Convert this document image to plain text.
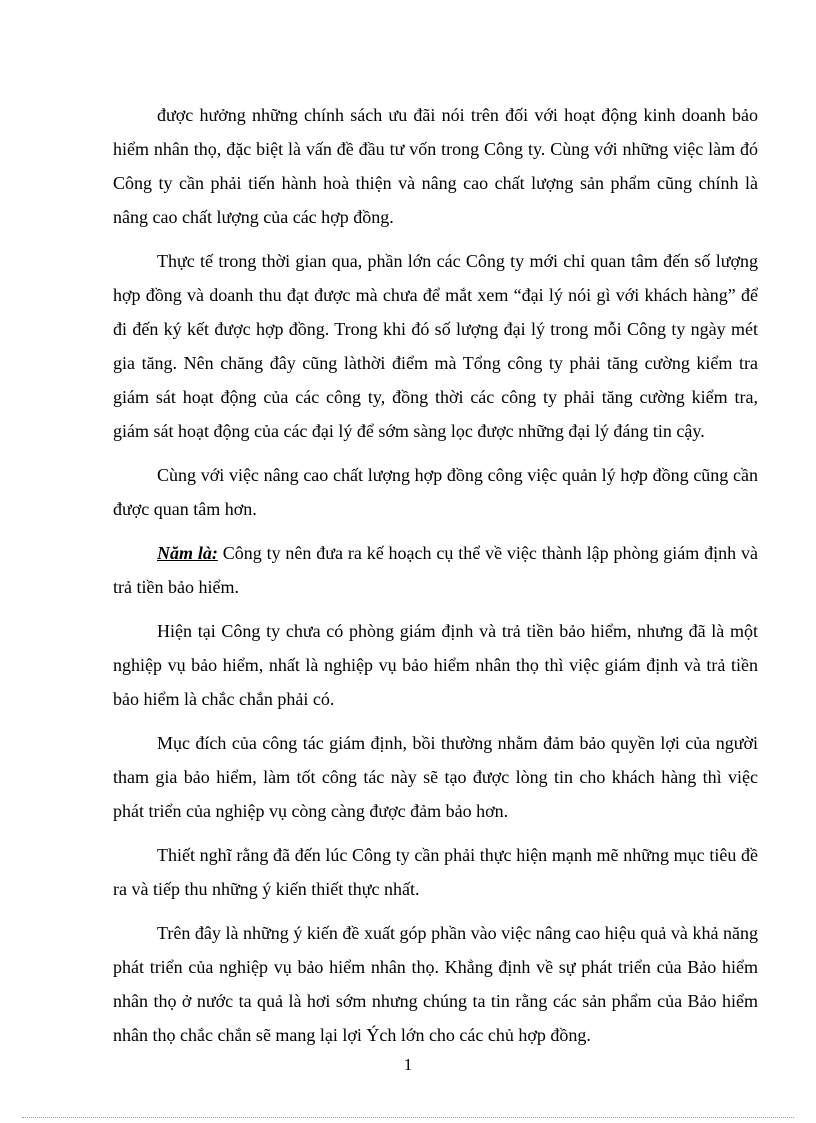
được hưởng những chính sách ưu đãi nói trên đối với hoạt động kinh doanh bảo hiểm nhân thọ, đặc biệt là vấn đề đầu tư vốn trong Công ty. Cùng với những việc làm đó Công ty cần phải tiến hành hoà thiện và nâng cao chất lượng sản phẩm cũng chính là nâng cao chất lượng của các hợp đồng.

Thực tế trong thời gian qua, phần lớn các Công ty mới chỉ quan tâm đến số lượng hợp đồng và doanh thu đạt được mà chưa để mắt xem “đại lý nói gì với khách hàng” để đi đến ký kết được hợp đồng. Trong khi đó số lượng đại lý trong mỗi Công ty ngày mét gia tăng. Nên chăng đây cũng làthời điểm mà Tổng công ty phải tăng cường kiểm tra giám sát hoạt động của các công ty, đồng thời các công ty phải tăng cường kiểm tra, giám sát hoạt động của các đại lý để sớm sàng lọc được những đại lý đáng tin cậy.

Cùng với việc nâng cao chất lượng hợp đồng công việc quản lý hợp đồng cũng cần được quan tâm hơn.

Năm là: Công ty nên đưa ra kế hoạch cụ thể về việc thành lập phòng giám định và trả tiền bảo hiểm.

Hiện tại Công ty chưa có phòng giám định và trả tiền bảo hiểm, nhưng đã là một nghiệp vụ bảo hiểm, nhất là nghiệp vụ bảo hiểm nhân thọ thì việc giám định và trả tiền bảo hiểm là chắc chắn phải có.

Mục đích của công tác giám định, bồi thường nhằm đảm bảo quyền lợi của người tham gia bảo hiểm, làm tốt công tác này sẽ tạo được lòng tin cho khách hàng thì việc phát triển của nghiệp vụ còng càng được đảm bảo hơn.

Thiết nghĩ rằng đã đến lúc Công ty cần phải thực hiện mạnh mẽ những mục tiêu đề ra và tiếp thu những ý kiến thiết thực nhất.

Trên đây là những ý kiến đề xuất góp phần vào việc nâng cao hiệu quả và khả năng phát triển của nghiệp vụ bảo hiểm nhân thọ. Khẳng định về sự phát triển của Bảo hiểm nhân thọ ở nước ta quả là hơi sớm nhưng chúng ta tin rằng các sản phẩm của Bảo hiểm nhân thọ chắc chắn sẽ mang lại lợi Ých lớn cho các chủ hợp đồng.

1
